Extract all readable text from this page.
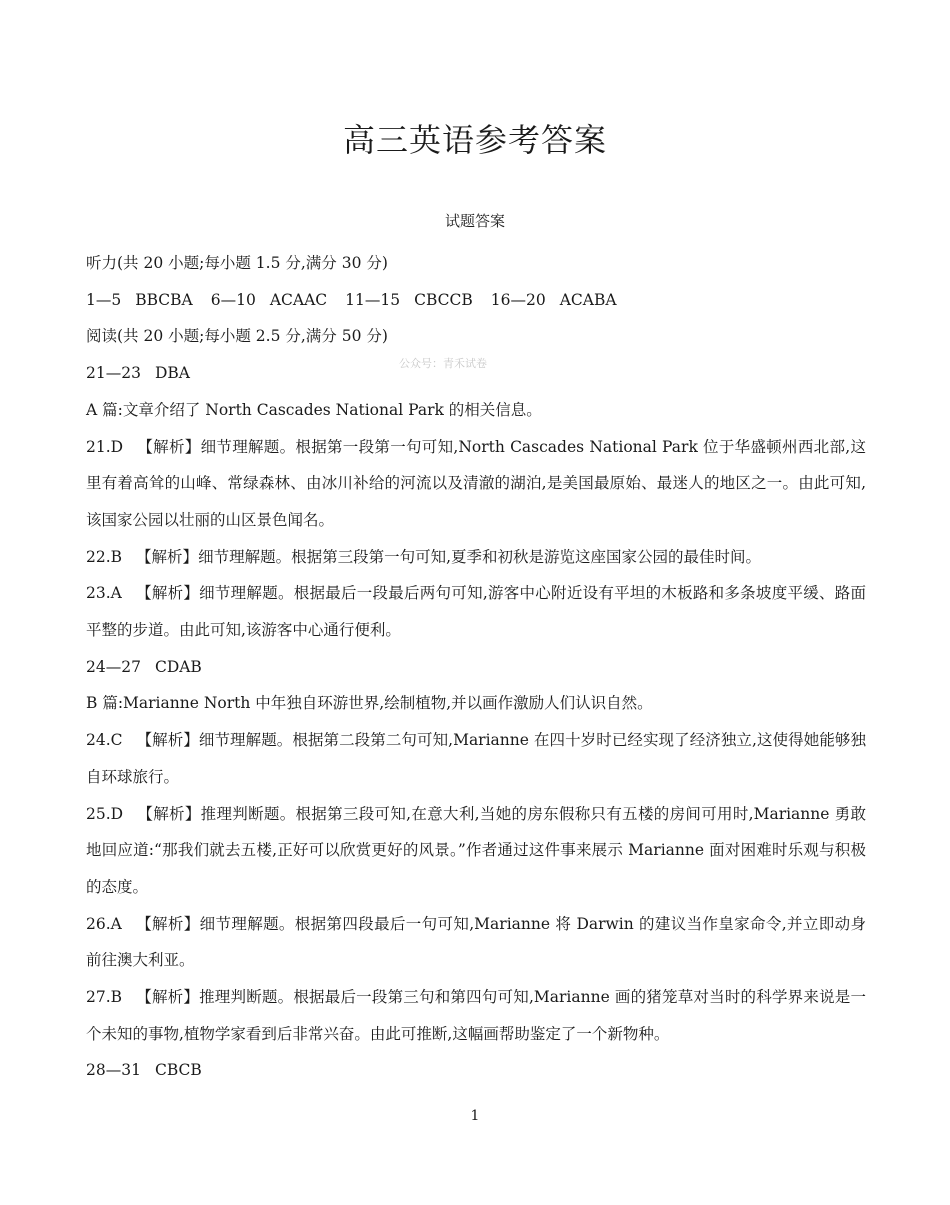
高三英语参考答案
试题答案
公众号：青禾试卷
听力(共 20 小题;每小题 1.5 分,满分 30 分)
1—5 BBCBA 6—10 ACAAC 11—15 CBCCB 16—20 ACABA
阅读(共 20 小题;每小题 2.5 分,满分 50 分)
21—23 DBA
A 篇:文章介绍了 North Cascades National Park 的相关信息。
21.D 【解析】细节理解题。根据第一段第一句可知,North Cascades National Park 位于华盛顿州西北部,这里有着高耸的山峰、常绿森林、由冰川补给的河流以及清澈的湖泊,是美国最原始、最迷人的地区之一。由此可知,该国家公园以壮丽的山区景色闻名。
22.B 【解析】细节理解题。根据第三段第一句可知,夏季和初秋是游览这座国家公园的最佳时间。
23.A 【解析】细节理解题。根据最后一段最后两句可知,游客中心附近设有平坦的木板路和多条坡度平缓、路面平整的步道。由此可知,该游客中心通行便利。
24—27 CDAB
B 篇:Marianne North 中年独自环游世界,绘制植物,并以画作激励人们认识自然。
24.C 【解析】细节理解题。根据第二段第二句可知,Marianne 在四十岁时已经实现了经济独立,这使得她能够独自环球旅行。
25.D 【解析】推理判断题。根据第三段可知,在意大利,当她的房东假称只有五楼的房间可用时,Marianne 勇敢地回应道:“那我们就去五楼,正好可以欣赏更好的风景。”作者通过这件事来展示 Marianne 面对困难时乐观与积极的态度。
26.A 【解析】细节理解题。根据第四段最后一句可知,Marianne 将 Darwin 的建议当作皇家命令,并立即动身前往澳大利亚。
27.B 【解析】推理判断题。根据最后一段第三句和第四句可知,Marianne 画的猪笼草对当时的科学界来说是一个未知的事物,植物学家看到后非常兴奋。由此可推断,这幅画帮助鉴定了一个新物种。
28—31 CBCB
1
